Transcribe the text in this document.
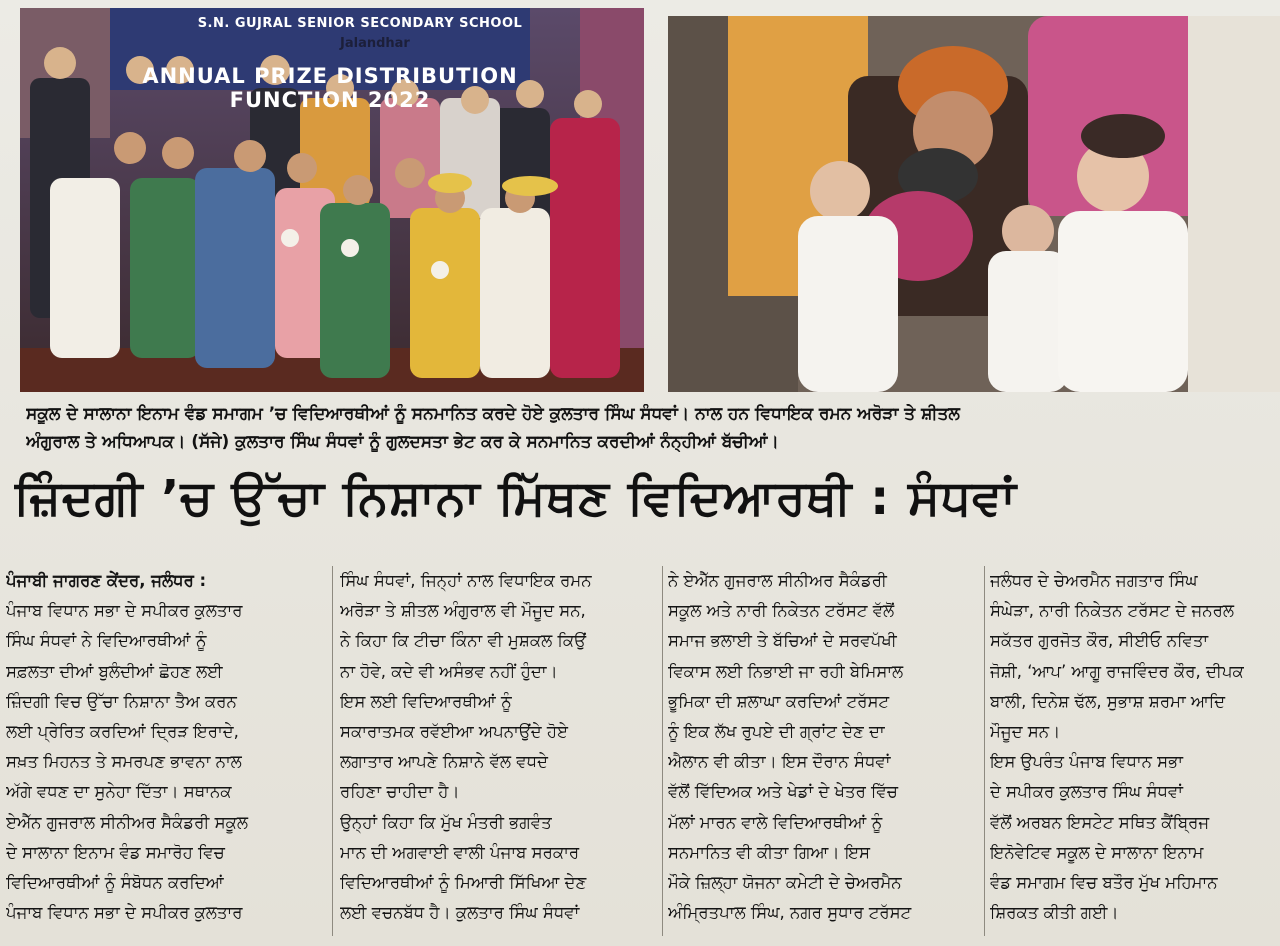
S.N. GUJRAL SENIOR SECONDARY SCHOOL
Jalandhar
ANNUAL PRIZE DISTRIBUTION FUNCTION 2022
ਸਕੂਲ ਦੇ ਸਾਲਾਨਾ ਇਨਾਮ ਵੰਡ ਸਮਾਗਮ ’ਚ ਵਿਦਿਆਰਥੀਆਂ ਨੂੰ ਸਨਮਾਨਿਤ ਕਰਦੇ ਹੋਏ ਕੁਲਤਾਰ ਸਿੰਘ ਸੰਧਵਾਂ। ਨਾਲ ਹਨ ਵਿਧਾਇਕ ਰਮਨ ਅਰੋੜਾ ਤੇ ਸ਼ੀਤਲ
ਅੰਗੁਰਾਲ ਤੇ ਅਧਿਆਪਕ। (ਸੱਜੇ) ਕੁਲਤਾਰ ਸਿੰਘ ਸੰਧਵਾਂ ਨੂੰ ਗੁਲਦਸਤਾ ਭੇਟ ਕਰ ਕੇ ਸਨਮਾਨਿਤ ਕਰਦੀਆਂ ਨੰਨ੍ਹੀਆਂ ਬੱਚੀਆਂ।
ਜ਼ਿੰਦਗੀ ’ਚ ਉੱਚਾ ਨਿਸ਼ਾਨਾ ਮਿੱਥਣ ਵਿਦਿਆਰਥੀ : ਸੰਧਵਾਂ

ਪੰਜਾਬੀ ਜਾਗਰਣ ਕੇਂਦਰ, ਜਲੰਧਰ :

ਪੰਜਾਬ ਵਿਧਾਨ ਸਭਾ ਦੇ ਸਪੀਕਰ ਕੁਲਤਾਰ

ਸਿੰਘ ਸੰਧਵਾਂ ਨੇ ਵਿਦਿਆਰਥੀਆਂ ਨੂੰ

ਸਫ਼ਲਤਾ ਦੀਆਂ ਬੁਲੰਦੀਆਂ ਛੋਹਣ ਲਈ

ਜ਼ਿੰਦਗੀ ਵਿਚ ਉੱਚਾ ਨਿਸ਼ਾਨਾ ਤੈਅ ਕਰਨ

ਲਈ ਪ੍ਰੇਰਿਤ ਕਰਦਿਆਂ ਦ੍ਰਿੜ ਇਰਾਦੇ,

ਸਖ਼ਤ ਮਿਹਨਤ ਤੇ ਸਮਰਪਣ ਭਾਵਨਾ ਨਾਲ

ਅੱਗੇ ਵਧਣ ਦਾ ਸੁਨੇਹਾ ਦਿੱਤਾ। ਸਥਾਨਕ

ਏਐੱਨ ਗੁਜਰਾਲ ਸੀਨੀਅਰ ਸੈਕੰਡਰੀ ਸਕੂਲ

ਦੇ ਸਾਲਾਨਾ ਇਨਾਮ ਵੰਡ ਸਮਾਰੋਹ ਵਿਚ

ਵਿਦਿਆਰਥੀਆਂ ਨੂੰ ਸੰਬੋਧਨ ਕਰਦਿਆਂ

ਪੰਜਾਬ ਵਿਧਾਨ ਸਭਾ ਦੇ ਸਪੀਕਰ ਕੁਲਤਾਰ

ਸਿੰਘ ਸੰਧਵਾਂ, ਜਿਨ੍ਹਾਂ ਨਾਲ ਵਿਧਾਇਕ ਰਮਨ

ਅਰੋੜਾ ਤੇ ਸ਼ੀਤਲ ਅੰਗੁਰਾਲ ਵੀ ਮੌਜੂਦ ਸਨ,

ਨੇ ਕਿਹਾ ਕਿ ਟੀਚਾ ਕਿੰਨਾ ਵੀ ਮੁਸ਼ਕਲ ਕਿਉਂ

ਨਾ ਹੋਵੇ, ਕਦੇ ਵੀ ਅਸੰਭਵ ਨਹੀਂ ਹੁੰਦਾ।

ਇਸ ਲਈ ਵਿਦਿਆਰਥੀਆਂ ਨੂੰ

ਸਕਾਰਾਤਮਕ ਰਵੱਈਆ ਅਪਨਾਉਂਦੇ ਹੋਏ

ਲਗਾਤਾਰ ਆਪਣੇ ਨਿਸ਼ਾਨੇ ਵੱਲ ਵਧਦੇ

ਰਹਿਣਾ ਚਾਹੀਦਾ ਹੈ।

ਉਨ੍ਹਾਂ ਕਿਹਾ ਕਿ ਮੁੱਖ ਮੰਤਰੀ ਭਗਵੰਤ

ਮਾਨ ਦੀ ਅਗਵਾਈ ਵਾਲੀ ਪੰਜਾਬ ਸਰਕਾਰ

ਵਿਦਿਆਰਥੀਆਂ ਨੂੰ ਮਿਆਰੀ ਸਿੱਖਿਆ ਦੇਣ

ਲਈ ਵਚਨਬੱਧ ਹੈ। ਕੁਲਤਾਰ ਸਿੰਘ ਸੰਧਵਾਂ

ਨੇ ਏਐੱਨ ਗੁਜਰਾਲ ਸੀਨੀਅਰ ਸੈਕੰਡਰੀ

ਸਕੂਲ ਅਤੇ ਨਾਰੀ ਨਿਕੇਤਨ ਟਰੱਸਟ ਵੱਲੋਂ

ਸਮਾਜ ਭਲਾਈ ਤੇ ਬੱਚਿਆਂ ਦੇ ਸਰਵਪੱਖੀ

ਵਿਕਾਸ ਲਈ ਨਿਭਾਈ ਜਾ ਰਹੀ ਬੇਮਿਸਾਲ

ਭੂਮਿਕਾ ਦੀ ਸ਼ਲਾਘਾ ਕਰਦਿਆਂ ਟਰੱਸਟ

ਨੂੰ ਇਕ ਲੱਖ ਰੁਪਏ ਦੀ ਗ੍ਰਾਂਟ ਦੇਣ ਦਾ

ਐਲਾਨ ਵੀ ਕੀਤਾ। ਇਸ ਦੌਰਾਨ ਸੰਧਵਾਂ

ਵੱਲੋਂ ਵਿੱਦਿਅਕ ਅਤੇ ਖੇਡਾਂ ਦੇ ਖੇਤਰ ਵਿੱਚ

ਮੱਲਾਂ ਮਾਰਨ ਵਾਲੇ ਵਿਦਿਆਰਥੀਆਂ ਨੂੰ

ਸਨਮਾਨਿਤ ਵੀ ਕੀਤਾ ਗਿਆ। ਇਸ

ਮੌਕੇ ਜ਼ਿਲ੍ਹਾ ਯੋਜਨਾ ਕਮੇਟੀ ਦੇ ਚੇਅਰਮੈਨ

ਅੰਮ੍ਰਿਤਪਾਲ ਸਿੰਘ, ਨਗਰ ਸੁਧਾਰ ਟਰੱਸਟ

ਜਲੰਧਰ ਦੇ ਚੇਅਰਮੈਨ ਜਗਤਾਰ ਸਿੰਘ

ਸੰਘੇੜਾ, ਨਾਰੀ ਨਿਕੇਤਨ ਟਰੱਸਟ ਦੇ ਜਨਰਲ

ਸਕੱਤਰ ਗੁਰਜੋਤ ਕੌਰ, ਸੀਈਓ ਨਵਿਤਾ

ਜੋਸ਼ੀ, ‘ਆਪ’ ਆਗੂ ਰਾਜਵਿੰਦਰ ਕੌਰ, ਦੀਪਕ

ਬਾਲੀ, ਦਿਨੇਸ਼ ਢੱਲ, ਸੁਭਾਸ਼ ਸ਼ਰਮਾ ਆਦਿ

ਮੌਜੂਦ ਸਨ।

ਇਸ ਉਪਰੰਤ ਪੰਜਾਬ ਵਿਧਾਨ ਸਭਾ

ਦੇ ਸਪੀਕਰ ਕੁਲਤਾਰ ਸਿੰਘ ਸੰਧਵਾਂ

ਵੱਲੋਂ ਅਰਬਨ ਇਸਟੇਟ ਸਥਿਤ ਕੈਂਬ੍ਰਿਜ

ਇਨੋਵੇਟਿਵ ਸਕੂਲ ਦੇ ਸਾਲਾਨਾ ਇਨਾਮ

ਵੰਡ ਸਮਾਗਮ ਵਿਚ ਬਤੌਰ ਮੁੱਖ ਮਹਿਮਾਨ

ਸ਼ਿਰਕਤ ਕੀਤੀ ਗਈ।
